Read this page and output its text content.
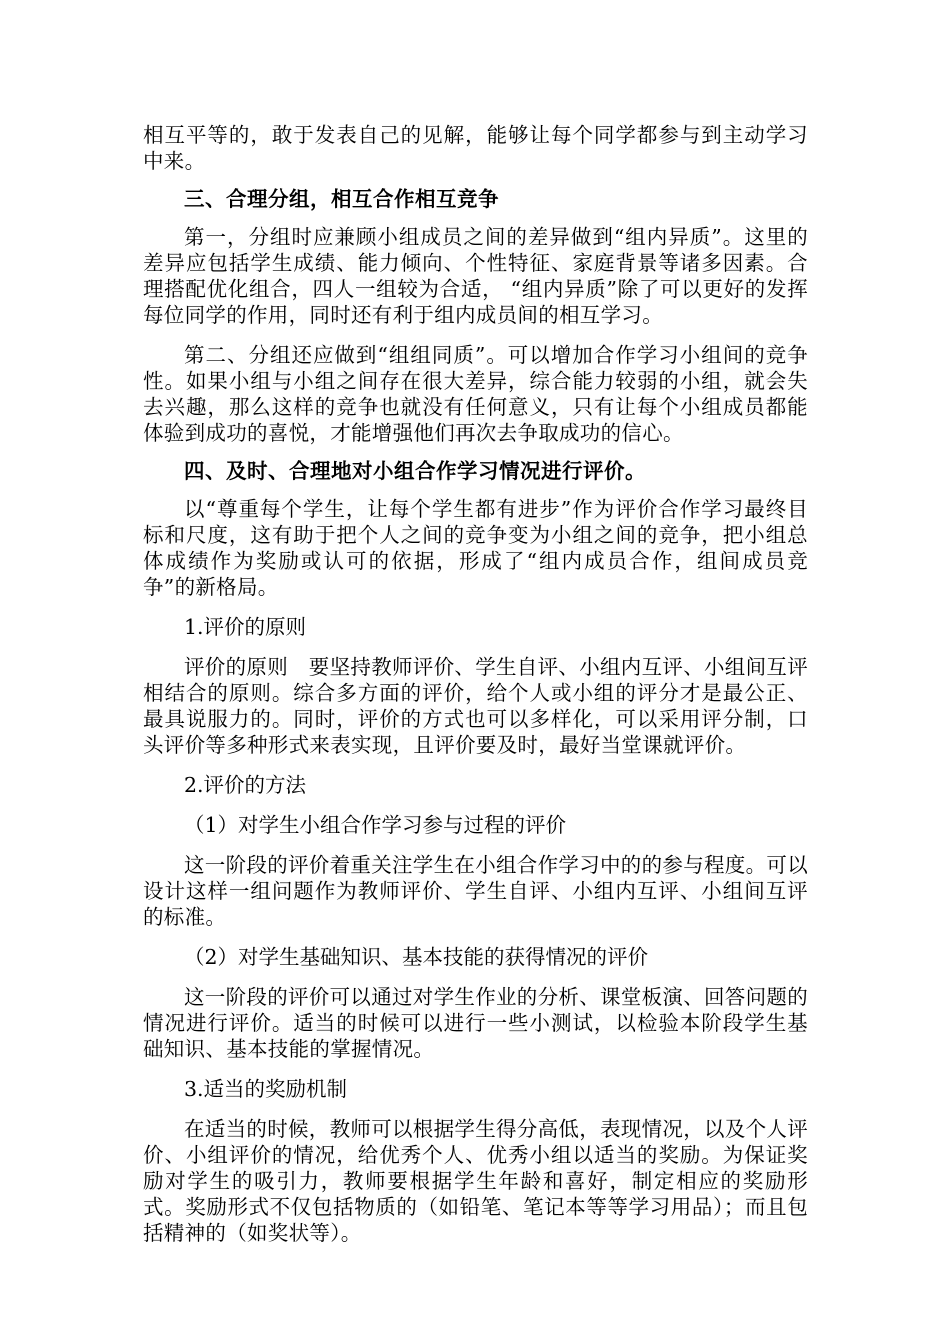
相互平等的，敢于发表自己的见解，能够让每个同学都参与到主动学习中来。

三、合理分组，相互合作相互竞争

第一，分组时应兼顾小组成员之间的差异做到“组内异质”。这里的差异应包括学生成绩、能力倾向、个性特征、家庭背景等诸多因素。合理搭配优化组合，四人一组较为合适， “组内异质”除了可以更好的发挥每位同学的作用，同时还有利于组内成员间的相互学习。

第二、分组还应做到“组组同质”。可以增加合作学习小组间的竞争性。如果小组与小组之间存在很大差异，综合能力较弱的小组，就会失去兴趣，那么这样的竞争也就没有任何意义，只有让每个小组成员都能体验到成功的喜悦，才能增强他们再次去争取成功的信心。

四、及时、合理地对小组合作学习情况进行评价。

以“尊重每个学生，让每个学生都有进步”作为评价合作学习最终目标和尺度，这有助于把个人之间的竞争变为小组之间的竞争，把小组总体成绩作为奖励或认可的依据，形成了“组内成员合作，组间成员竞争”的新格局。

1.评价的原则

评价的原则　要坚持教师评价、学生自评、小组内互评、小组间互评相结合的原则。综合多方面的评价，给个人或小组的评分才是最公正、最具说服力的。同时，评价的方式也可以多样化，可以采用评分制，口头评价等多种形式来表实现，且评价要及时，最好当堂课就评价。

2.评价的方法

（1）对学生小组合作学习参与过程的评价

这一阶段的评价着重关注学生在小组合作学习中的的参与程度。可以设计这样一组问题作为教师评价、学生自评、小组内互评、小组间互评的标准。

（2）对学生基础知识、基本技能的获得情况的评价

这一阶段的评价可以通过对学生作业的分析、课堂板演、回答问题的情况进行评价。适当的时候可以进行一些小测试，以检验本阶段学生基础知识、基本技能的掌握情况。

3.适当的奖励机制

在适当的时候，教师可以根据学生得分高低，表现情况，以及个人评价、小组评价的情况，给优秀个人、优秀小组以适当的奖励。为保证奖励对学生的吸引力，教师要根据学生年龄和喜好，制定相应的奖励形式。奖励形式不仅包括物质的（如铅笔、笔记本等等学习用品）；而且包括精神的（如奖状等）。
